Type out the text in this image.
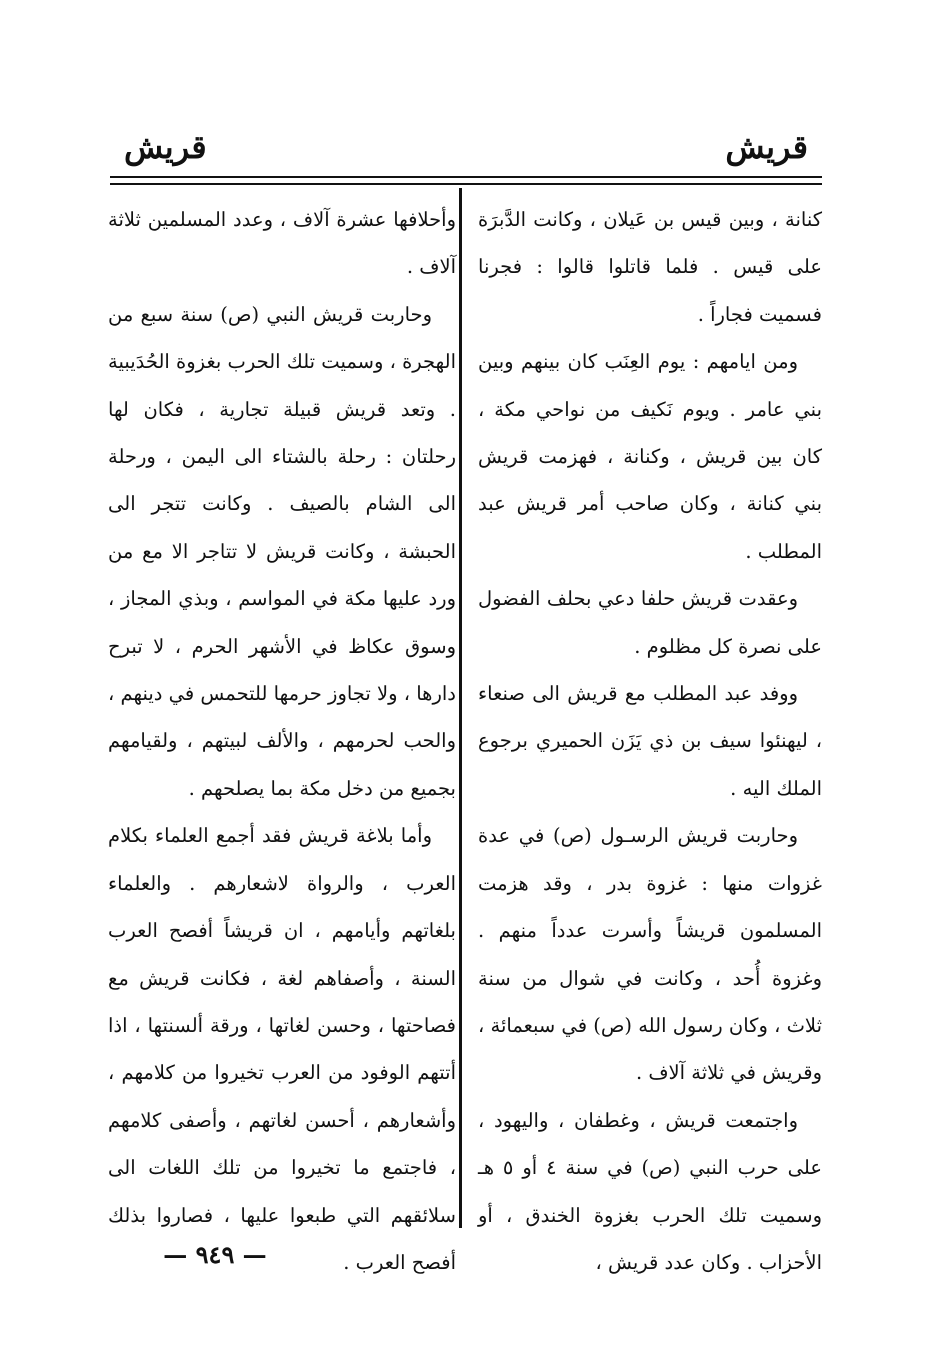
قريش
قريش

كنانة ، وبين قيس بن عَيلان ، وكانت الدَّبرَة على قيس . فلما قاتلوا قالوا : فجرنا فسميت فجاراً .

ومن ايامهم : يوم العِنَب كان بينهم وبين بني عامر . ويوم نَكيف من نواحي مكة ، كان بين قريش ، وكنانة ، فهزمت قريش بني كنانة ، وكان صاحب أمر قريش عبد المطلب .

وعقدت قريش حلفا دعي بحلف الفضول على نصرة كل مظلوم .

ووفد عبد المطلب مع قريش الى صنعاء ، ليهنئوا سيف بن ذي يَزَن الحميري برجوع الملك اليه .

وحاربت قريش الرسـول (ص) في عدة غزوات منها : غزوة بدر ، وقد هزمت المسلمون قريشاً وأسرت عدداً منهم . وغزوة أُحد ، وكانت في شوال من سنة ثلاث ، وكان رسول الله (ص) في سبعمائة ، وقريش في ثلاثة آلاف .

واجتمعت قريش ، وغطفان ، واليهود ، على حرب النبي (ص) في سنة ٤ أو ٥ هـ وسميت تلك الحرب بغزوة الخندق ، أو الأحزاب . وكان عدد قريش ،

وأحلافها عشرة آلاف ، وعدد المسلمين ثلاثة آلاف .

وحاربت قريش النبي (ص) سنة سبع من الهجرة ، وسميت تلك الحرب بغزوة الحُدَيبية . وتعد قريش قبيلة تجارية ، فكان لها رحلتان : رحلة بالشتاء الى اليمن ، ورحلة الى الشام بالصيف . وكانت تتجر الى الحبشة ، وكانت قريش لا تتاجر الا مع من ورد عليها مكة في المواسم ، وبذي المجاز ، وسوق عكاظ في الأشهر الحرم ، لا تبرح دارها ، ولا تجاوز حرمها للتحمس في دينهم ، والحب لحرمهم ، والألف لبيتهم ، ولقيامهم بجميع من دخل مكة بما يصلحهم .

وأما بلاغة قريش فقد أجمع العلماء بكلام العرب ، والرواة لاشعارهم . والعلماء بلغاتهم وأيامهم ، ان قريشاً أفصح العرب السنة ، وأصفاهم لغة ، فكانت قريش مع فصاحتها ، وحسن لغاتها ، ورقة ألسنتها ، اذا أتتهم الوفود من العرب تخيروا من كلامهم ، وأشعارهم ، أحسن لغاتهم ، وأصفى كلامهم ، فاجتمع ما تخيروا من تلك اللغات الى سلائقهم التي طبعوا عليها ، فصاروا بذلك أفصح العرب .

— ٩٤٩ —
